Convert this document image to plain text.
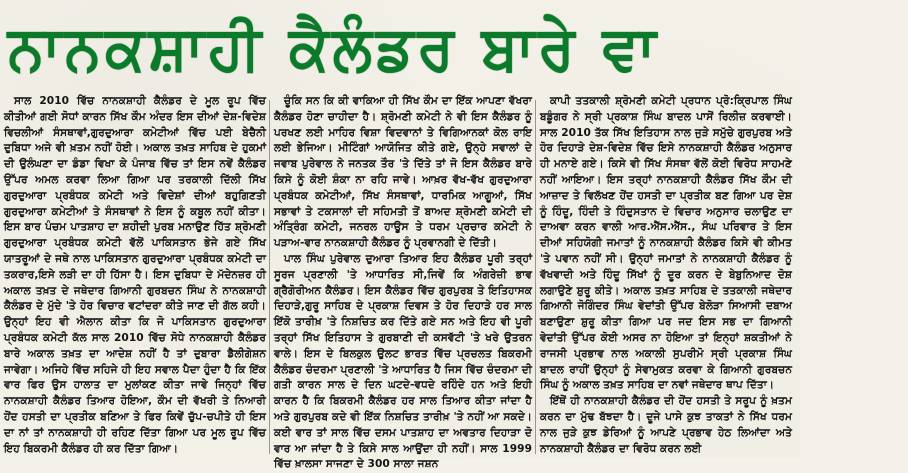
ਨਾਨਕਸ਼ਾਹੀ ਕੈਲੰਡਰ ਬਾਰੇ ਵਾ

ਸਾਲ 2010 ਵਿੱਚ ਨਾਨਕਸ਼ਾਹੀ ਕੈਲੰਡਰ ਦੇ ਮੂਲ ਰੂਪ ਵਿੱਚ ਕੀਤੀਆਂ ਗਈ ਸੋਧਾਂ ਕਾਰਨ ਸਿੱਖ ਕੌਮ ਅੰਦਰ ਇਸ ਦੀਆਂ ਦੇਸ਼-ਵਿਦੇਸ਼ ਵਿਚਲੀਆਂ ਸੰਸਥਾਵਾਂ,ਗੁਰਦੁਆਰਾ ਕਮੇਟੀਆਂ ਵਿੱਚ ਪਈ ਬੇਚੈਨੀ ਦੁਬਿਧਾ ਅਜੇ ਵੀ ਖ਼ਤਮ ਨਹੀਂ ਹੋਈ। ਅਕਾਲ ਤਖ਼ਤ ਸਾਹਿਬ ਦੇ ਹੁਕਮਾਂ ਦੀ ਉਲੰਘਣਾ ਦਾ ਡੰਡਾ ਵਿਖਾ ਕੇ ਪੰਜਾਬ ਵਿੱਚ ਤਾਂ ਇਸ ਨਵੇਂ ਕੈਲੰਡਰ ਉੱਪਰ ਅਮਲ ਕਰਵਾ ਲਿਆ ਗਿਆ ਪਰ ਤਰਕਾਲੀ ਦਿੱਲੀ ਸਿੱਖ ਗੁਰਦੁਆਰਾ ਪ੍ਰਬੰਧਕ ਕਮੇਟੀ ਅਤੇ ਵਿਦੇਸ਼ਾਂ ਦੀਆਂ ਬਹੁਗਿਣਤੀ ਗੁਰਦੁਆਰਾ ਕਮੇਟੀਆਂ ਤੇ ਸੰਸਥਾਵਾਂ ਨੇ ਇਸ ਨੂੰ ਕਬੂਲ ਨਹੀਂ ਕੀਤਾ। ਇਸ ਬਾਰ ਪੰਚਮ ਪਾਤਸ਼ਾਹ ਦਾ ਸ਼ਹੀਦੀ ਪੁਰਬ ਮਨਾਉਣ ਹਿੱਤ ਸ਼੍ਰੋਮਣੀ ਗੁਰਦੁਆਰਾ ਪ੍ਰਬੰਧਕ ਕਮੇਟੀ ਵੱਲੋਂ ਪਾਕਿਸਤਾਨ ਭੇਜੇ ਗਏ ਸਿੱਖ ਯਾਤਰੂਆਂ ਦੇ ਜਥੇ ਨਾਲ ਪਾਕਿਸਤਾਨ ਗੁਰਦੁਆਰਾ ਪ੍ਰਬੰਧਕ ਕਮੇਟੀ ਦਾ ਤਕਰਾਰ,ਇਸੇ ਲੜੀ ਦਾ ਹੀ ਹਿੱਸਾ ਹੈ। ਇਸ ਦੁਬਿਧਾ ਦੇ ਮੱਦੇਨਜ਼ਰ ਹੀ ਅਕਾਲ ਤਖ਼ਤ ਦੇ ਜਥੇਦਾਰ ਗਿਆਨੀ ਗੁਰਬਚਨ ਸਿੰਘ ਨੇ ਨਾਨਕਸ਼ਾਹੀ ਕੈਲੰਡਰ ਦੇ ਮੁੱਦੇ 'ਤੇ ਹੋਰ ਵਿਚਾਰ ਵਟਾਂਦਰਾ ਕੀਤੇ ਜਾਣ ਦੀ ਗੱਲ ਕਹੀ। ਉਨ੍ਹਾਂ ਇਹ ਵੀ ਐਲਾਨ ਕੀਤਾ ਕਿ ਜੋ ਪਾਕਿਸਤਾਨ ਗੁਰਦੁਆਰਾ ਪ੍ਰਬੰਧਕ ਕਮੇਟੀ ਕੱਲ ਸਾਲ 2010 ਵਿੱਚ ਸੋਧੇ ਨਾਨਕਸ਼ਾਹੀ ਕੈਲੰਡਰ ਬਾਰੇ ਅਕਾਲ ਤਖ਼ਤ ਦਾ ਆਦੇਸ਼ ਨਹੀਂ ਹੈ ਤਾਂ ਦੁਬਾਰਾ ਡੈਲੀਗੇਸ਼ਨ ਜਾਵੇਗਾ। ਅਜਿਹੇ ਵਿੱਚ ਸਹਿਜੇ ਹੀ ਇਹ ਸਵਾਲ ਪੈਦਾ ਹੁੰਦਾ ਹੈ ਕਿ ਇੱਕ ਵਾਰ ਫਿਰ ਉਸ ਹਾਲਾਤ ਦਾ ਮੁਲਾਂਕਣ ਕੀਤਾ ਜਾਵੇ ਜਿਨ੍ਹਾਂ ਵਿੱਚ ਨਾਨਕਸ਼ਾਹੀ ਕੈਲੰਡਰ ਤਿਆਰ ਹੋਇਆ, ਕੌਮ ਦੀ ਵੱਖਰੀ ਤੇ ਨਿਆਰੀ ਹੋਂਦ ਹਸਤੀ ਦਾ ਪ੍ਰਤੀਕ ਬਣਿਆ ਤੇ ਫਿਰ ਕਿਵੇਂ ਚੁੱਪ-ਚਪੀਤੇ ਹੀ ਇਸ ਦਾ ਨਾਂ ਤਾਂ ਨਾਨਕਸ਼ਾਹੀ ਹੀ ਰਹਿਣ ਦਿੱਤਾ ਗਿਆ ਪਰ ਮੂਲ ਰੂਪ ਵਿੱਚ ਇਹ ਬਿਕਰਮੀ ਕੈਲੰਡਰ ਹੀ ਕਰ ਦਿੱਤਾ ਗਿਆ।

ਚੂੰਕਿ ਸਨ ਕਿ ਕੀ ਵਾਕਿਆ ਹੀ ਸਿੱਖ ਕੌਮ ਦਾ ਇੱਕ ਆਪਣਾ ਵੱਖਰਾ ਕੈਲੰਡਰ ਹੋਣਾ ਚਾਹੀਦਾ ਹੈ। ਸ਼੍ਰੋਮਣੀ ਕਮੇਟੀ ਨੇ ਵੀ ਇਸ ਕੈਲੰਡਰ ਨੂੰ ਪਰਖਣ ਲਈ ਮਾਹਿਰ ਵਿਸ਼ਾ ਵਿਦਵਾਨਾਂ ਤੇ ਵਿਗਿਆਨਕਾਂ ਕੋਲ ਰਾਇ ਲਈ ਭੇਜਿਆ। ਮੀਟਿੰਗਾਂ ਆਯੋਜਿਤ ਕੀਤੇ ਗਏ, ਉਨ੍ਹੇ ਸਵਾਲਾਂ ਦੇ ਜਵਾਬ ਪੁਰੇਵਾਲ ਨੇ ਜਨਤਕ ਤੌਰ 'ਤੇ ਦਿੱਤੇ ਤਾਂ ਜੋ ਇਸ ਕੈਲੰਡਰ ਬਾਰੇ ਕਿਸੇ ਨੂੰ ਕੋਈ ਸ਼ੰਕਾ ਨਾ ਰਹਿ ਜਾਵੇ। ਆਖ਼ਰ ਵੱਖ-ਵੱਖ ਗੁਰਦੁਆਰਾ ਪ੍ਰਬੰਧਕ ਕਮੇਟੀਆਂ, ਸਿੱਖ ਸੰਸਥਾਵਾਂ, ਧਾਰਮਿਕ ਆਗੂਆਂ, ਸਿੱਖ ਸਭਾਵਾਂ ਤੇ ਟਕਸਾਲਾਂ ਦੀ ਸਹਿਮਤੀ ਤੋਂ ਬਾਅਦ ਸ਼੍ਰੋਮਣੀ ਕਮੇਟੀ ਦੀ ਅੰਤ੍ਰਿੰਗ ਕਮੇਟੀ, ਜਨਰਲ ਹਾਊਸ ਤੇ ਧਰਮ ਪ੍ਰਚਾਰ ਕਮੇਟੀ ਨੇ ਪੜਾਅ-ਵਾਰ ਨਾਨਕਸ਼ਾਹੀ ਕੈਲੰਡਰ ਨੂੰ ਪ੍ਰਵਾਨਗੀ ਦੇ ਦਿੱਤੀ।

ਪਾਲ ਸਿੰਘ ਪੁਰੇਵਾਲ ਦੁਆਰਾ ਤਿਆਰ ਇਹ ਕੈਲੰਡਰ ਪੂਰੀ ਤਰ੍ਹਾਂ ਸੂਰਜ ਪ੍ਰਣਾਲੀ 'ਤੇ ਆਧਾਰਿਤ ਸੀ,ਜਿਵੇਂ ਕਿ ਅੰਗਰੇਜ਼ੀ ਭਾਵ ਗ੍ਰੈਗੋਰੀਅਨ ਕੈਲੰਡਰ। ਇਸ ਕੈਲੰਡਰ ਵਿੱਚ ਗੁਰਪੁਰਬ ਤੇ ਇਤਿਹਾਸਕ ਦਿਹਾੜੇ,ਗੁਰੂ ਸਾਹਿਬ ਦੇ ਪ੍ਰਕਾਸ਼ ਦਿਵਸ ਤੇ ਹੋਰ ਦਿਹਾੜੇ ਹਰ ਸਾਲ ਇੱਕੋ ਤਾਰੀਖ਼ 'ਤੇ ਨਿਸ਼ਚਿਤ ਕਰ ਦਿੱਤੇ ਗਏ ਸਨ ਅਤੇ ਇਹ ਵੀ ਪੂਰੀ ਤਰ੍ਹਾਂ ਸਿੱਖ ਇਤਿਹਾਸ ਤੇ ਗੁਰਬਾਣੀ ਦੀ ਕਸਵੱਟੀ 'ਤੇ ਖਰੇ ਉਤਰਨ ਵਾਲੇ। ਇਸ ਦੇ ਬਿਲਕੁਲ ਉਲਟ ਭਾਰਤ ਵਿੱਚ ਪ੍ਰਚਲਤ ਬਿਕਰਮੀ ਕੈਲੰਡਰ ਚੰਦਰਮਾ ਪ੍ਰਣਾਲੀ 'ਤੇ ਆਧਾਰਿਤ ਹੈ ਜਿਸ ਵਿੱਚ ਚੰਦਰਮਾ ਦੀ ਗਤੀ ਕਾਰਨ ਸਾਲ ਦੇ ਦਿਨ ਘਟਦੇ-ਵਧਦੇ ਰਹਿੰਦੇ ਹਨ ਅਤੇ ਇਹੀ ਕਾਰਨ ਹੈ ਕਿ ਬਿਕਰਮੀ ਕੈਲੰਡਰ ਹਰ ਸਾਲ ਤਿਆਰ ਕੀਤਾ ਜਾਂਦਾ ਹੈ ਅਤੇ ਗੁਰਪੁਰਬ ਕਦੇ ਵੀ ਇੱਕ ਨਿਸ਼ਚਿਤ ਤਾਰੀਖ਼ 'ਤੇ ਨਹੀਂ ਆ ਸਕਦੇ। ਕਈ ਵਾਰ ਤਾਂ ਸਾਲ ਵਿੱਚ ਦਸਮ ਪਾਤਸ਼ਾਹ ਦਾ ਅਵਤਾਰ ਦਿਹਾੜਾ ਦੋ ਵਾਰ ਆ ਜਾਂਦਾ ਹੈ ਤੇ ਕਿਸੇ ਸਾਲ ਆਉਂਦਾ ਹੀ ਨਹੀਂ। ਸਾਲ 1999 ਵਿੱਚ ਖ਼ਾਲਸਾ ਸਾਜਣਾ ਦੇ 300 ਸਾਲਾ ਜਸ਼ਨ

ਕਾਪੀ ਤਤਕਾਲੀ ਸ਼੍ਰੋਮਣੀ ਕਮੇਟੀ ਪ੍ਰਧਾਨ ਪ੍ਰੋ:ਕ੍ਰਿਪਾਲ ਸਿੰਘ ਬਡੂੰਗਰ ਨੇ ਸ੍ਰੀ ਪ੍ਰਕਾਸ਼ ਸਿੰਘ ਬਾਦਲ ਪਾਸੋਂ ਰਿਲੀਜ਼ ਕਰਵਾਈ। ਸਾਲ 2010 ਤੱਕ ਸਿੱਖ ਇਤਿਹਾਸ ਨਾਲ ਜੁੜੇ ਸਮੁੱਚੇ ਗੁਰਪੁਰਬ ਅਤੇ ਹੋਰ ਦਿਹਾੜੇ ਦੇਸ਼-ਵਿਦੇਸ਼ ਵਿੱਚ ਇਸੇ ਨਾਨਕਸ਼ਾਹੀ ਕੈਲੰਡਰ ਅਨੁਸਾਰ ਹੀ ਮਨਾਏ ਗਏ। ਕਿਸੇ ਵੀ ਸਿੱਖ ਸੰਸਥਾ ਵੱਲੋਂ ਕੋਈ ਵਿਰੋਧ ਸਾਹਮਣੇ ਨਹੀਂ ਆਇਆ। ਇਸ ਤਰ੍ਹਾਂ ਨਾਨਕਸ਼ਾਹੀ ਕੈਲੰਡਰ ਸਿੱਖ ਕੌਮ ਦੀ ਆਜ਼ਾਦ ਤੇ ਵਿਲੱਖਣ ਹੋਂਦ ਹਸਤੀ ਦਾ ਪ੍ਰਤੀਕ ਬਣ ਗਿਆ ਪਰ ਦੇਸ਼ ਨੂੰ ਹਿੰਦੂ, ਹਿੰਦੀ ਤੇ ਹਿੰਦੁਸਤਾਨ ਦੇ ਵਿਚਾਰ ਅਨੁਸਾਰ ਚਲਾਉਣ ਦਾ ਦਾਅਵਾ ਕਰਨ ਵਾਲੀ ਆਰ.ਐੱਸ.ਐੱਸ., ਸੰਘ ਪਰਿਵਾਰ ਤੇ ਇਸ ਦੀਆਂ ਸਹਿਯੋਗੀ ਜਮਾਤਾਂ ਨੂੰ ਨਾਨਕਸ਼ਾਹੀ ਕੈਲੰਡਰ ਕਿਸੇ ਵੀ ਕੀਮਤ 'ਤੇ ਪਵਾਨ ਨਹੀਂ ਸੀ। ਉਨ੍ਹਾਂ ਜਮਾਤਾਂ ਨੇ ਨਾਨਕਸ਼ਾਹੀ ਕੈਲੰਡਰ ਨੂੰ ਵੱਖਵਾਦੀ ਅਤੇ ਹਿੰਦੂ ਸਿੱਖਾਂ ਨੂੰ ਦੂਰ ਕਰਨ ਦੇ ਬੇਬੁਨਿਆਦ ਦੋਸ਼ ਲਗਾਉਣੇ ਸ਼ੁਰੂ ਕੀਤੇ। ਅਕਾਲ ਤਖ਼ਤ ਸਾਹਿਬ ਦੇ ਤਤਕਾਲੀ ਜਥੇਦਾਰ ਗਿਆਨੀ ਜੋਗਿੰਦਰ ਸਿੰਘ ਵੇਦਾਂਤੀ ਉੱਪਰ ਬੇਲੋੜਾ ਸਿਆਸੀ ਦਬਾਅ ਬਣਾਉਣਾ ਸ਼ੁਰੂ ਕੀਤਾ ਗਿਆ ਪਰ ਜਦ ਇਸ ਸਭ ਦਾ ਗਿਆਨੀ ਵੇਦਾਂਤੀ ਉੱਪਰ ਕੋਈ ਅਸਰ ਨਾ ਹੋਇਆ ਤਾਂ ਇਨ੍ਹਾਂ ਸ਼ਕਤੀਆਂ ਨੇ ਰਾਜਸੀ ਪ੍ਰਭਾਵ ਨਾਲ ਅਕਾਲੀ ਸੁਪਰੀਮੋ ਸ੍ਰੀ ਪ੍ਰਕਾਸ਼ ਸਿੰਘ ਬਾਦਲ ਰਾਹੀਂ ਉਨ੍ਹਾਂ ਨੂੰ ਸੇਵਾਮੁਕਤ ਕਰਵਾ ਕੇ ਗਿਆਨੀ ਗੁਰਬਚਨ ਸਿੰਘ ਨੂੰ ਅਕਾਲ ਤਖ਼ਤ ਸਾਹਿਬ ਦਾ ਨਵਾਂ ਜਥੇਦਾਰ ਥਾਪ ਦਿੱਤਾ।

ਇੱਥੋਂ ਹੀ ਨਾਨਕਸ਼ਾਹੀ ਕੈਲੰਡਰ ਦੀ ਹੋਂਦ ਹਸਤੀ ਤੇ ਸਰੂਪ ਨੂੰ ਖ਼ਤਮ ਕਰਨ ਦਾ ਮੁੱਢ ਬੱਝਦਾ ਹੈ। ਦੂਜੇ ਪਾਸੇ ਕੁਝ ਤਾਕਤਾਂ ਨੇ ਸਿੱਖ ਧਰਮ ਨਾਲ ਜੁੜੇ ਕੁਝ ਡੇਰਿਆਂ ਨੂੰ ਆਪਣੇ ਪ੍ਰਭਾਵ ਹੇਠ ਲਿਆਂਦਾ ਅਤੇ ਨਾਨਕਸ਼ਾਹੀ ਕੈਲੰਡਰ ਦਾ ਵਿਰੋਧ ਕਰਨ ਲਈ
